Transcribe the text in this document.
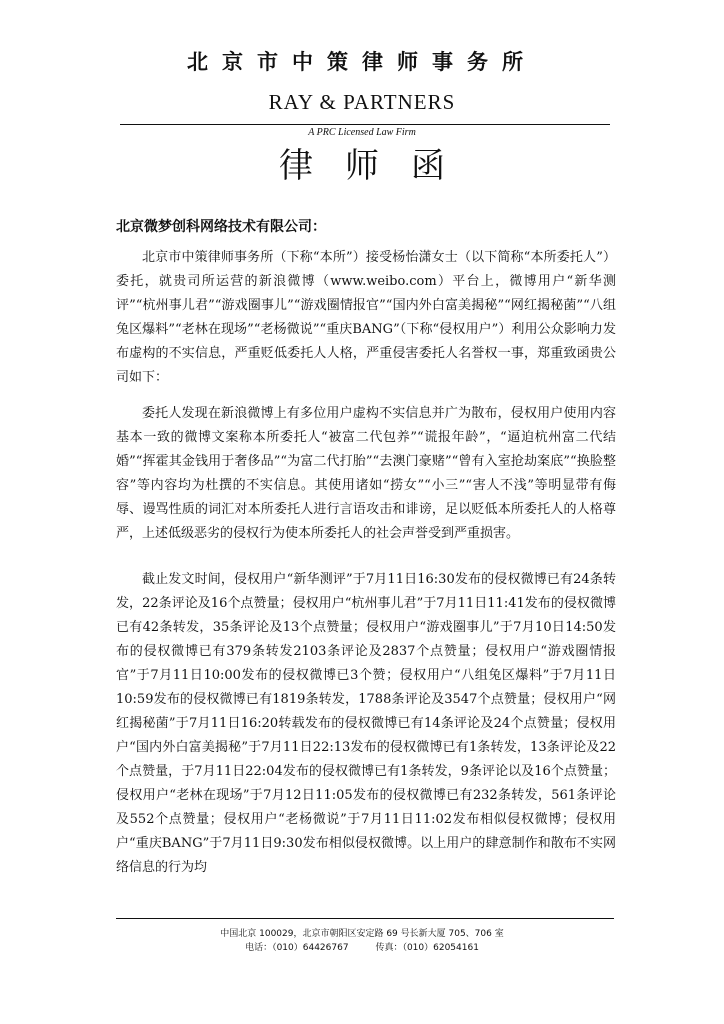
北京市中策律师事务所
RAY & PARTNERS
A PRC Licensed Law Firm
律师函
北京微梦创科网络技术有限公司：

北京市中策律师事务所（下称“本所”）接受杨怡潇女士（以下简称“本所委托人”）委托，就贵司所运营的新浪微博（www.weibo.com）平台上，微博用户“新华测评”“杭州事儿君”“游戏圈事儿”“游戏圈情报官”“国内外白富美揭秘”“网红揭秘菌”“八组兔区爆料”“老林在现场”“老杨微说”“重庆BANG”（下称“侵权用户”）利用公众影响力发布虚构的不实信息，严重贬低委托人人格，严重侵害委托人名誉权一事，郑重致函贵公司如下：

委托人发现在新浪微博上有多位用户虚构不实信息并广为散布，侵权用户使用内容基本一致的微博文案称本所委托人“被富二代包养”“谎报年龄”，“逼迫杭州富二代结婚”“挥霍其金钱用于奢侈品”“为富二代打胎”“去澳门豪赌”“曾有入室抢劫案底”“换脸整容”等内容均为杜撰的不实信息。其使用诸如“捞女”“小三”“害人不浅”等明显带有侮辱、谩骂性质的词汇对本所委托人进行言语攻击和诽谤，足以贬低本所委托人的人格尊严，上述低级恶劣的侵权行为使本所委托人的社会声誉受到严重损害。

截止发文时间，侵权用户“新华测评”于7月11日16:30发布的侵权微博已有24条转发，22条评论及16个点赞量；侵权用户“杭州事儿君”于7月11日11:41发布的侵权微博已有42条转发，35条评论及13个点赞量；侵权用户“游戏圈事儿”于7月10日14:50发布的侵权微博已有379条转发2103条评论及2837个点赞量；侵权用户“游戏圈情报官”于7月11日10:00发布的侵权微博已3个赞；侵权用户“八组兔区爆料”于7月11日10:59发布的侵权微博已有1819条转发，1788条评论及3547个点赞量；侵权用户“网红揭秘菌”于7月11日16:20转载发布的侵权微博已有14条评论及24个点赞量；侵权用户“国内外白富美揭秘”于7月11日22:13发布的侵权微博已有1条转发，13条评论及22个点赞量，于7月11日22:04发布的侵权微博已有1条转发，9条评论以及16个点赞量；侵权用户“老林在现场”于7月12日11:05发布的侵权微博已有232条转发，561条评论及552个点赞量；侵权用户“老杨微说”于7月11日11:02发布相似侵权微博；侵权用户“重庆BANG”于7月11日9:30发布相似侵权微博。以上用户的肆意制作和散布不实网络信息的行为均

中国北京 100029，北京市朝阳区安定路 69 号长新大厦 705、706 室
电话：（010）64426767	传真：（010）62054161
